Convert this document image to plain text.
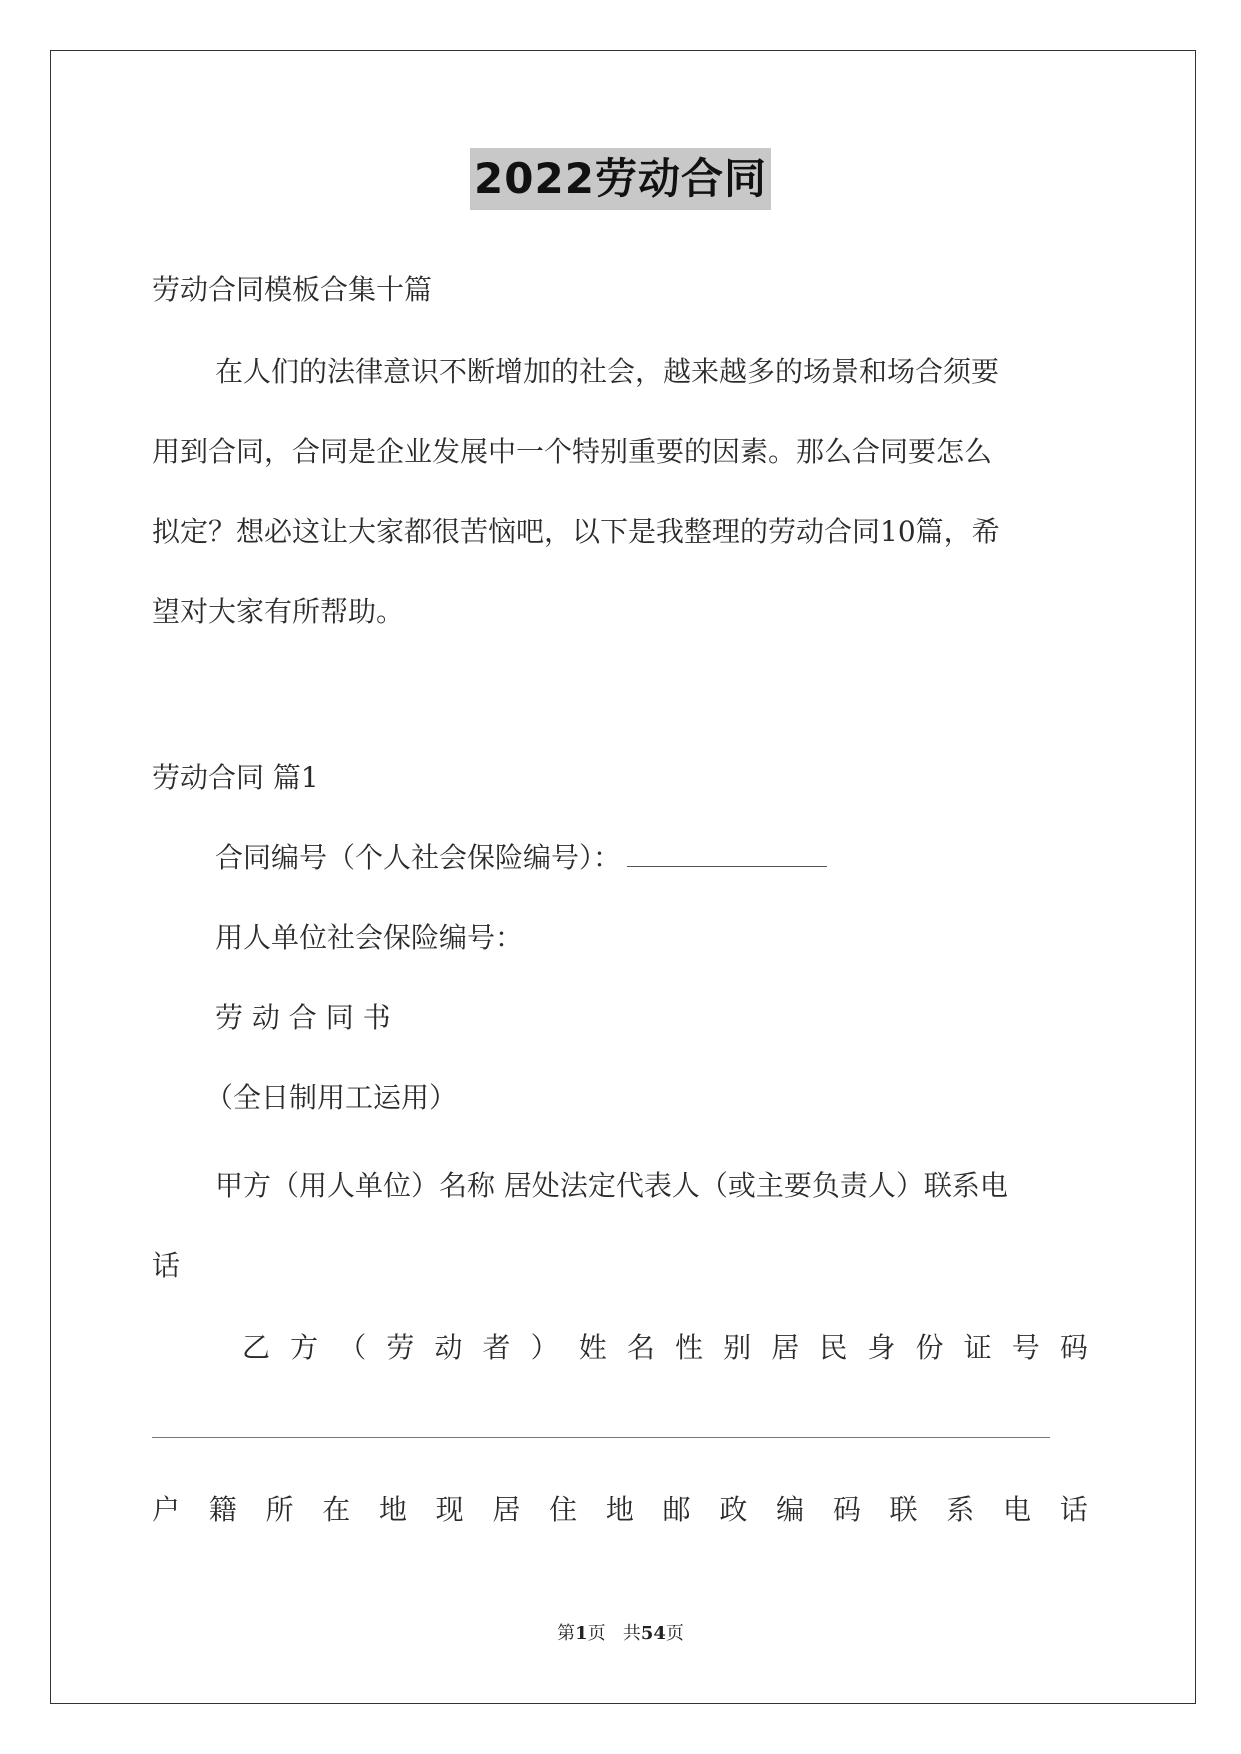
2022劳动合同
劳动合同模板合集十篇
在人们的法律意识不断增加的社会，越来越多的场景和场合须要
用到合同，合同是企业发展中一个特别重要的因素。那么合同要怎么
拟定？想必这让大家都很苦恼吧，以下是我整理的劳动合同10篇，希
望对大家有所帮助。
劳动合同 篇1
合同编号（个人社会保险编号）：
用人单位社会保险编号：
劳 动 合 同 书
（全日制用工运用）
甲方（用人单位）名称 居处法定代表人（或主要负责人）联系电
话
乙 方 （ 劳 动 者 ） 姓 名 性 别 居 民 身 份 证 号 码
户 籍 所 在 地 现 居 住 地 邮 政 编 码 联 系 电 话
第1页 共54页
